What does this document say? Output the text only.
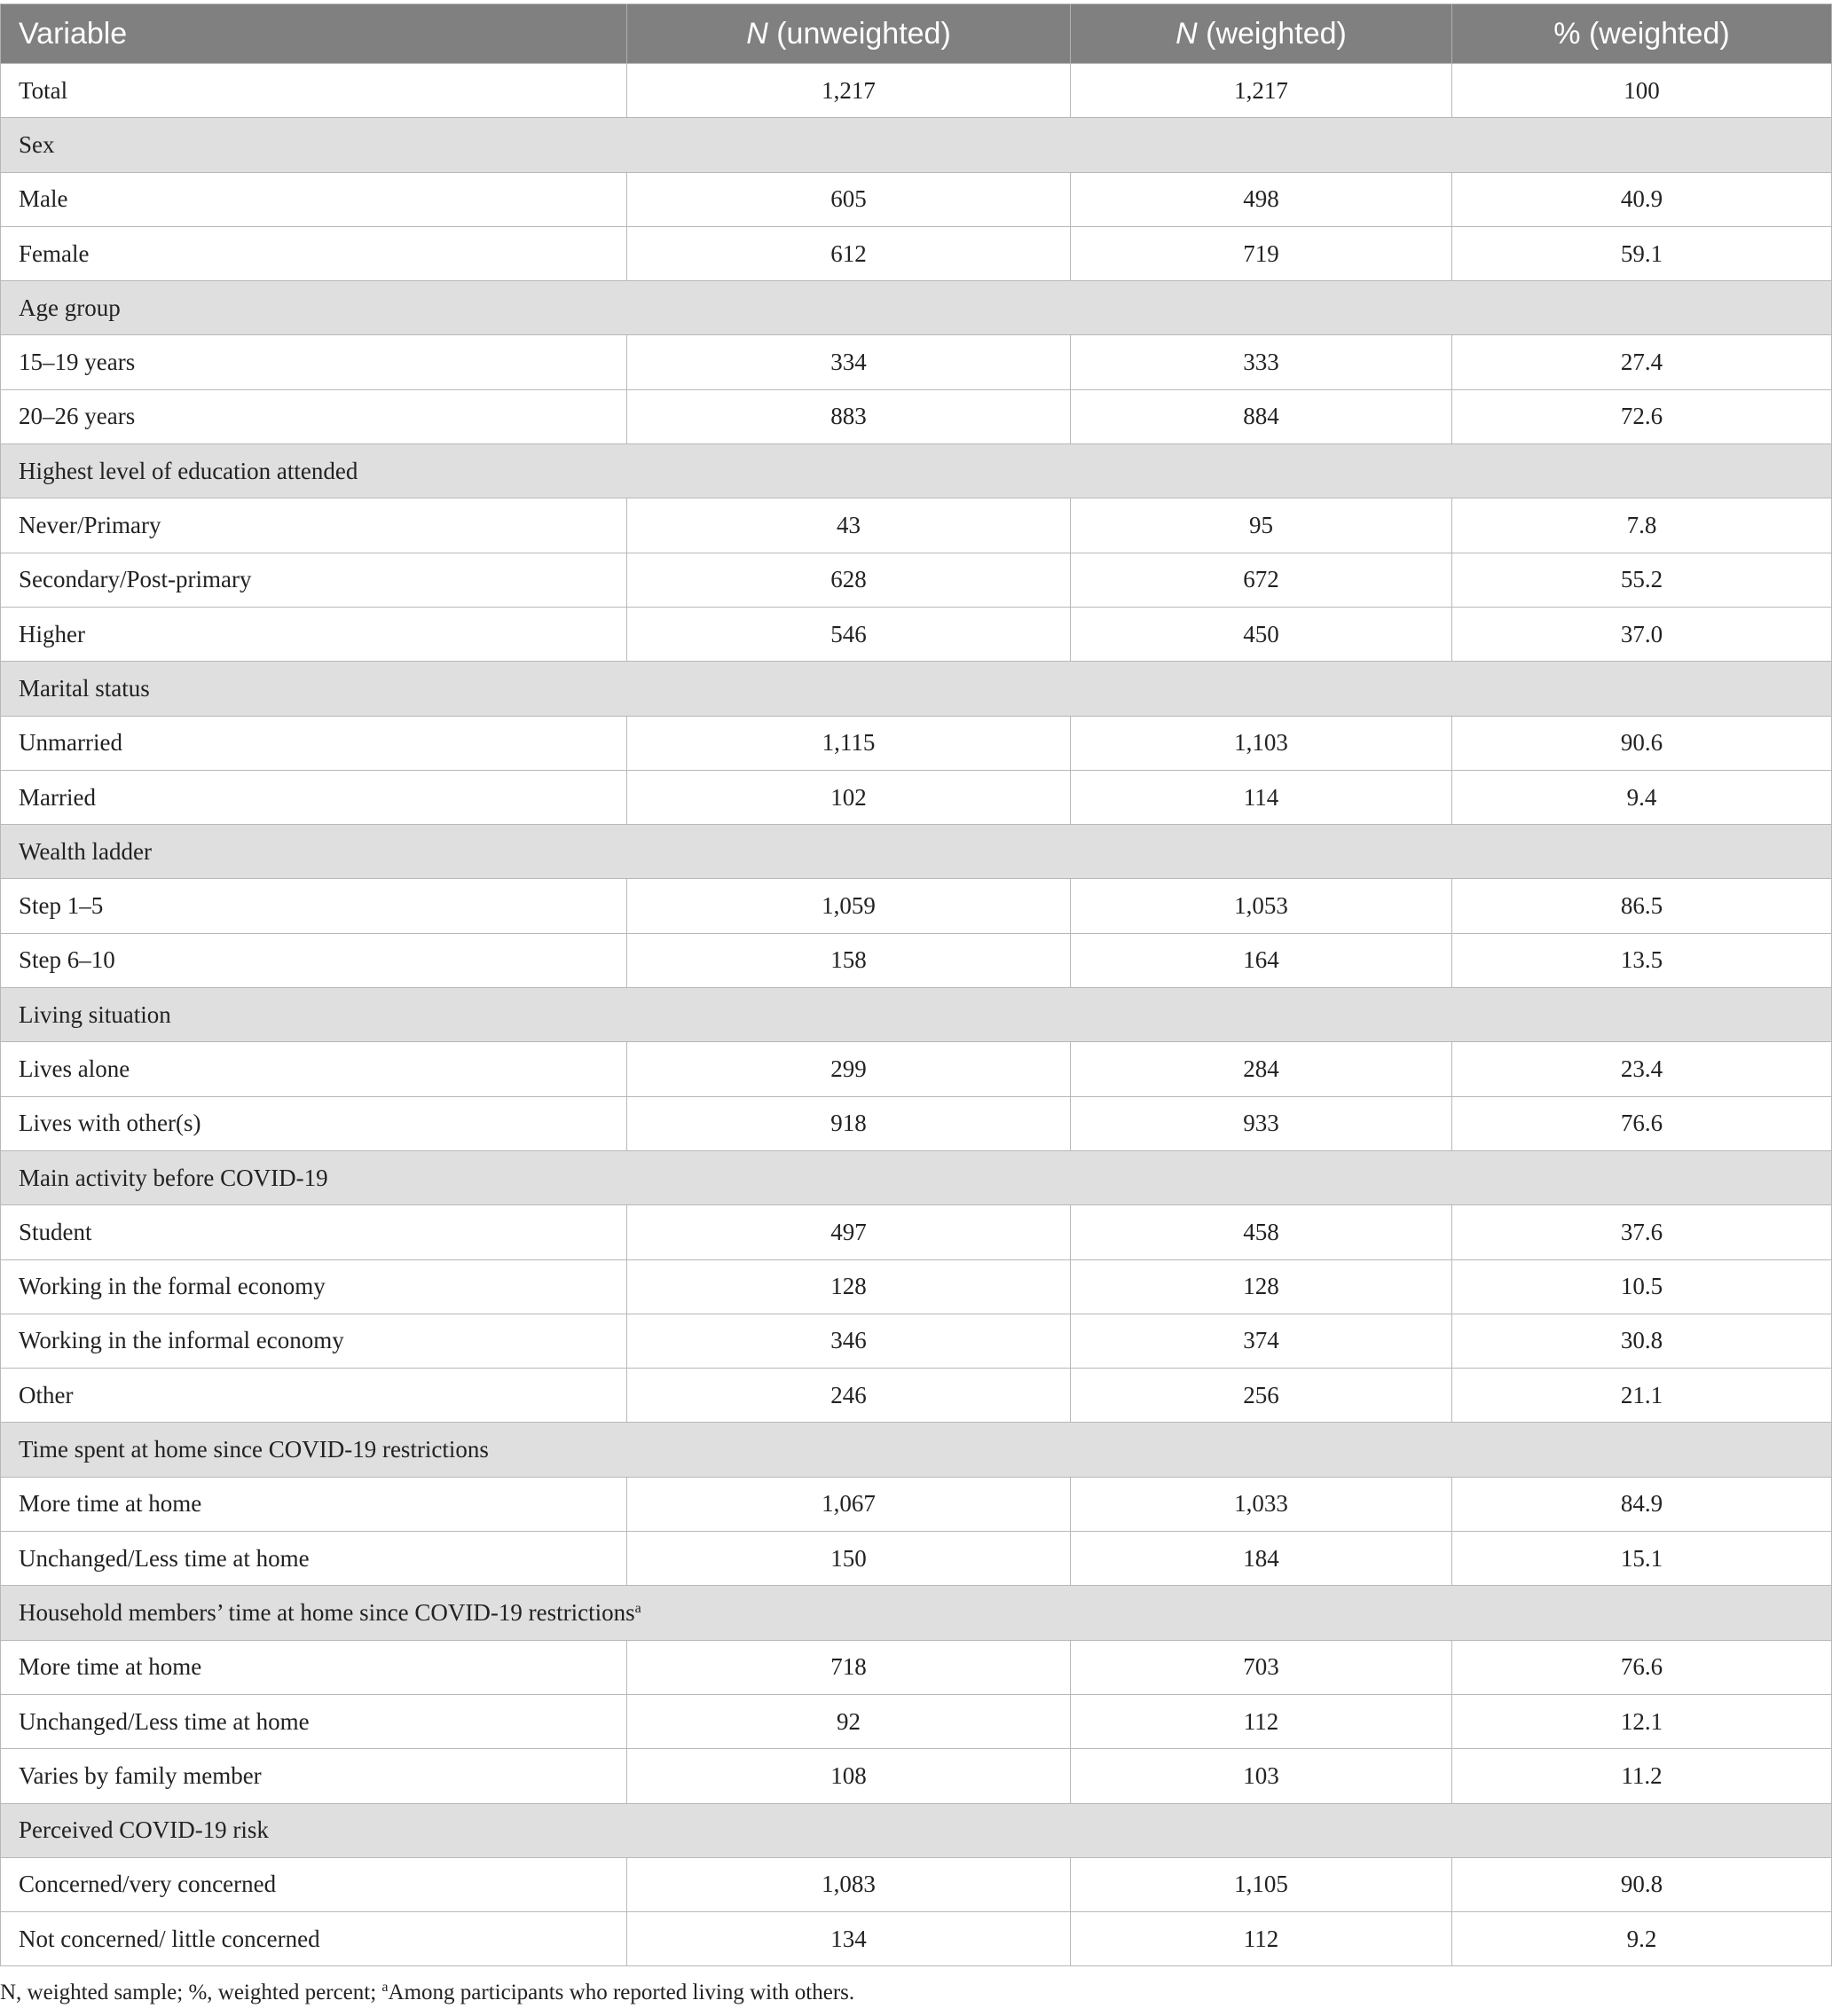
Variable	N (unweighted)	N (weighted)	% (weighted)
Total	1,217	1,217	100
Sex			
Male	605	498	40.9
Female	612	719	59.1
Age group			
15–19 years	334	333	27.4
20–26 years	883	884	72.6
Highest level of education attended			
Never/Primary	43	95	7.8
Secondary/Post-primary	628	672	55.2
Higher	546	450	37.0
Marital status			
Unmarried	1,115	1,103	90.6
Married	102	114	9.4
Wealth ladder			
Step 1–5	1,059	1,053	86.5
Step 6–10	158	164	13.5
Living situation			
Lives alone	299	284	23.4
Lives with other(s)	918	933	76.6
Main activity before COVID-19			
Student	497	458	37.6
Working in the formal economy	128	128	10.5
Working in the informal economy	346	374	30.8
Other	246	256	21.1
Time spent at home since COVID-19 restrictions			
More time at home	1,067	1,033	84.9
Unchanged/Less time at home	150	184	15.1
Household members’ time at home since COVID-19 restrictions$^a$
More time at home	718	703	76.6
Unchanged/Less time at home	92	112	12.1
Varies by family member	108	103	11.2
Perceived COVID-19 risk			
Concerned/very concerned	1,083	1,105	90.8
Not concerned/ little concerned	134	112	9.2
N, weighted sample; %, weighted percent; $^a$Among participants who reported living with others.
